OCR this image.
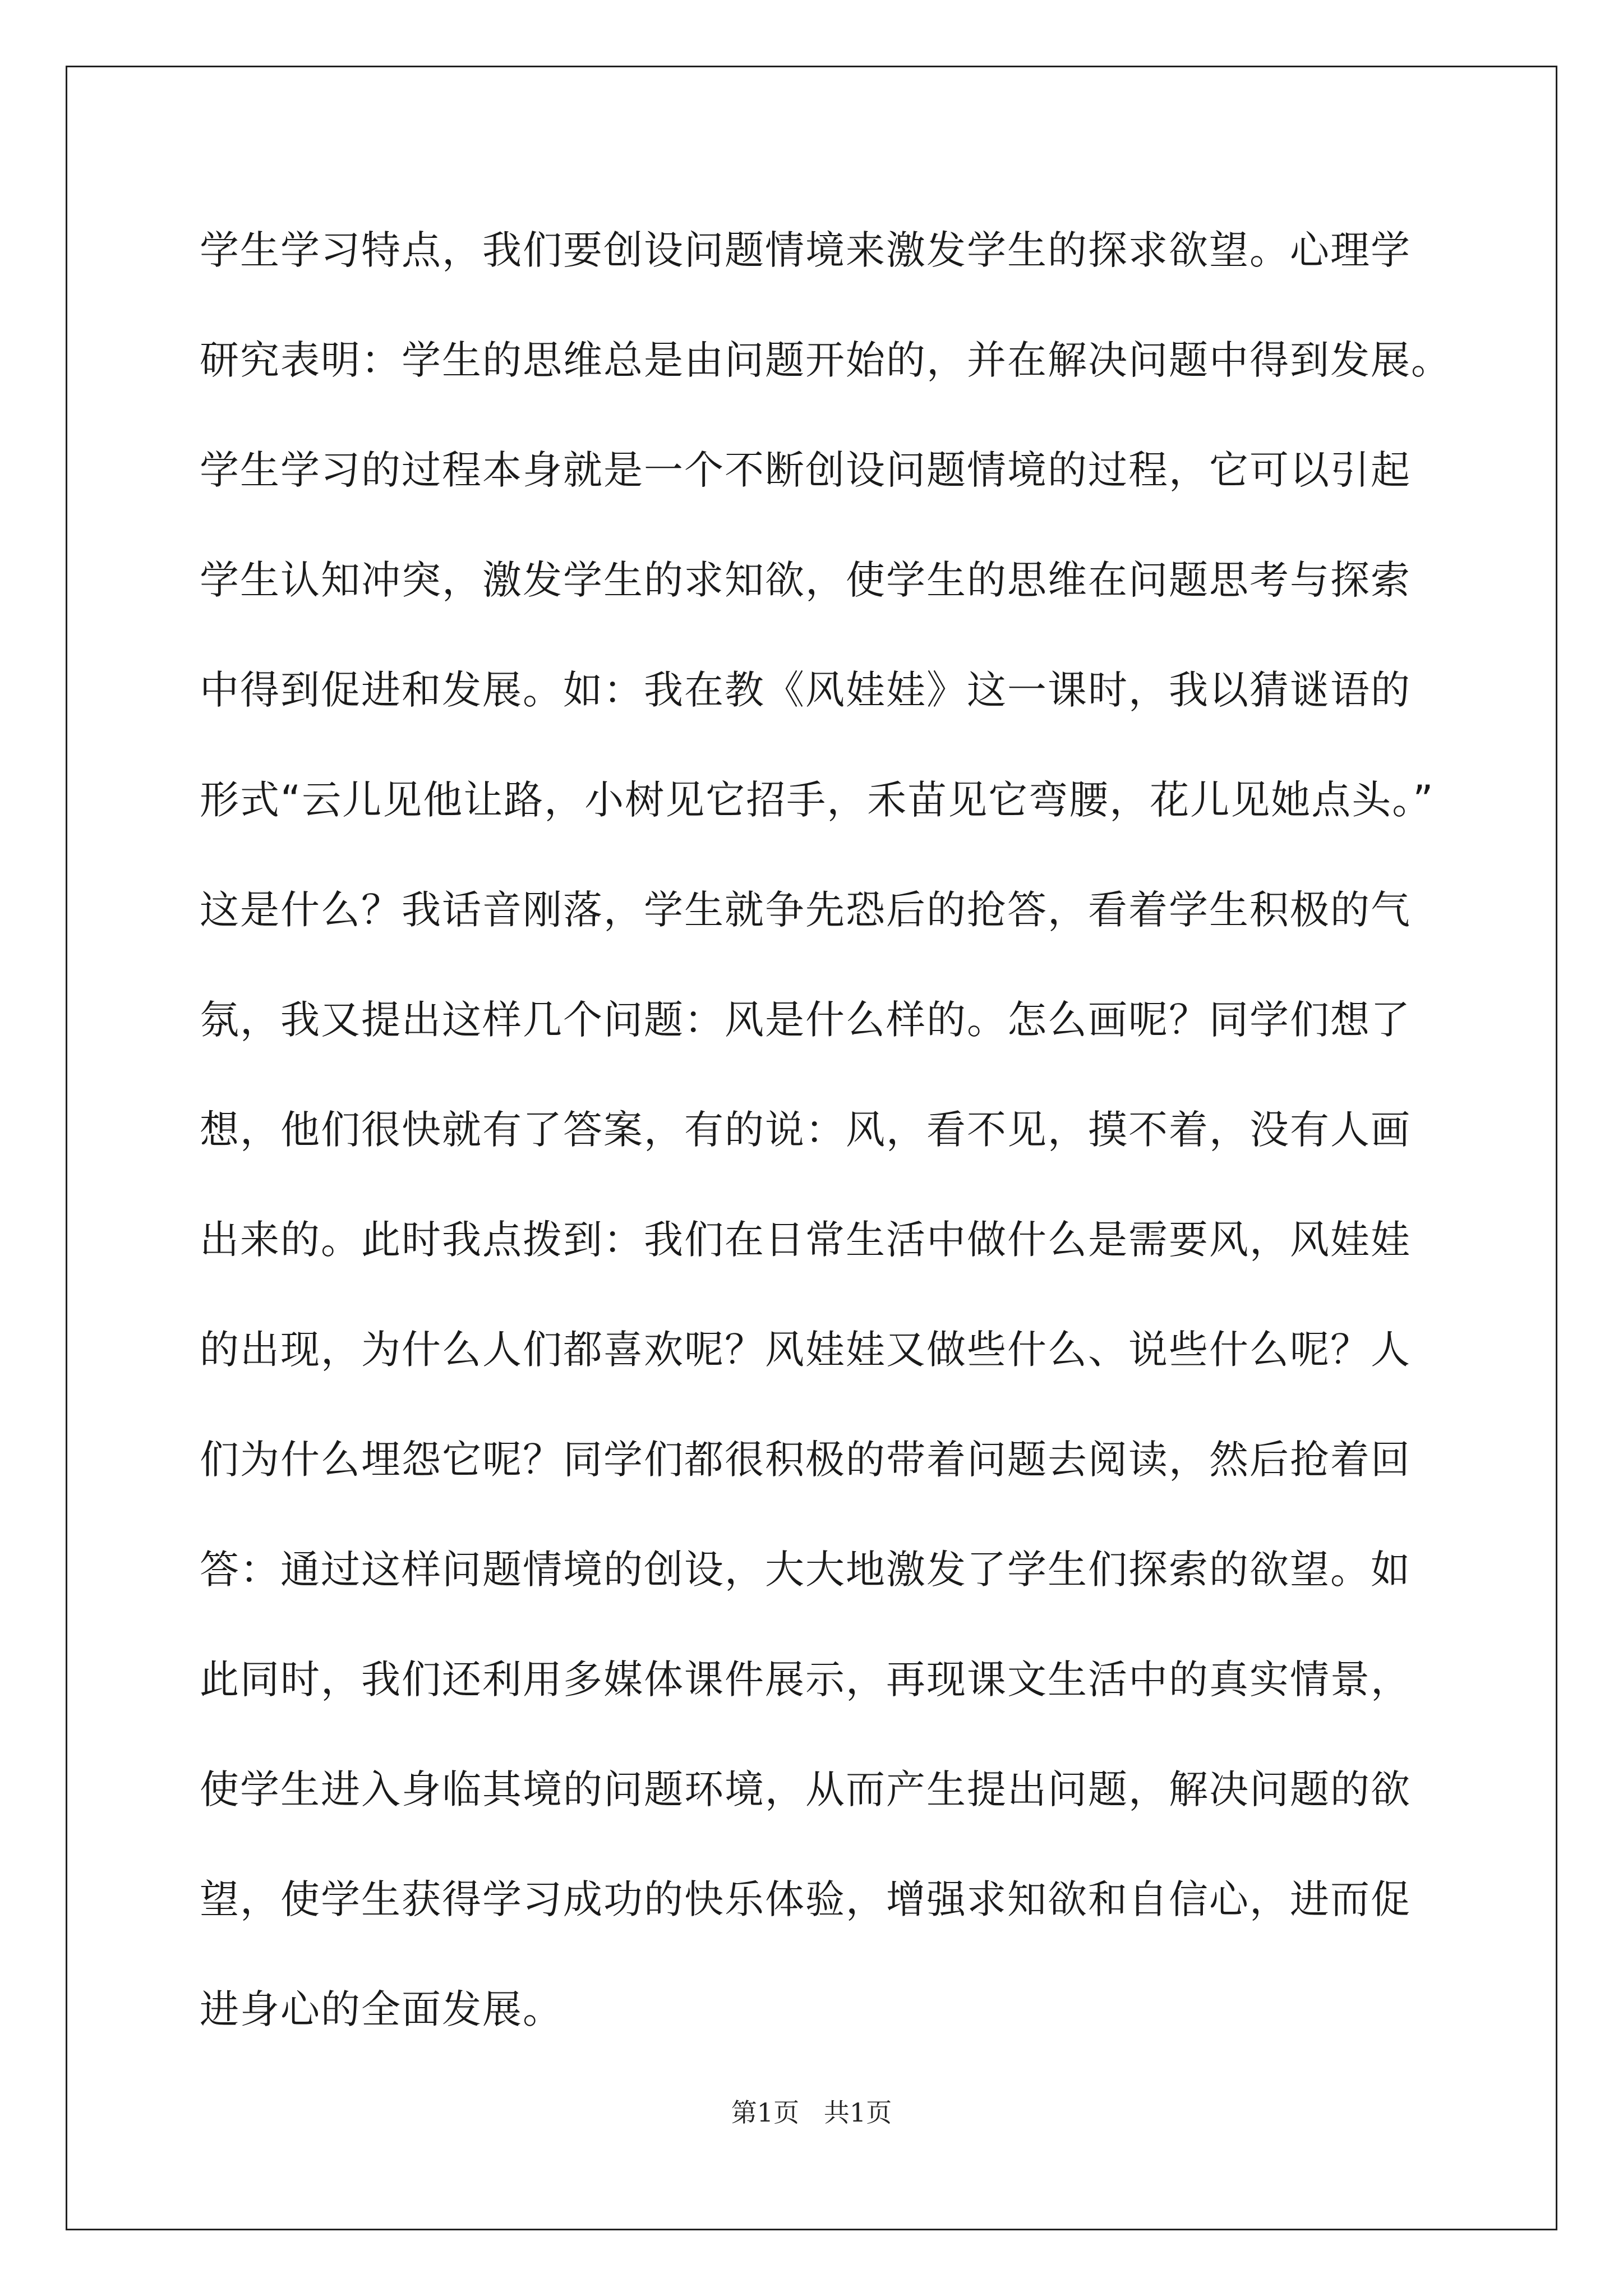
学生学习特点，我们要创设问题情境来激发学生的探求欲望。心理学
研究表明：学生的思维总是由问题开始的，并在解决问题中得到发展。
学生学习的过程本身就是一个不断创设问题情境的过程，它可以引起
学生认知冲突，激发学生的求知欲，使学生的思维在问题思考与探索
中得到促进和发展。如：我在教《风娃娃》这一课时，我以猜谜语的
形式“云儿见他让路，小树见它招手，禾苗见它弯腰，花儿见她点头。”
这是什么？我话音刚落，学生就争先恐后的抢答，看着学生积极的气
氛，我又提出这样几个问题：风是什么样的。怎么画呢？同学们想了
想，他们很快就有了答案，有的说：风，看不见，摸不着，没有人画
出来的。此时我点拨到：我们在日常生活中做什么是需要风，风娃娃
的出现，为什么人们都喜欢呢？风娃娃又做些什么、说些什么呢？人
们为什么埋怨它呢？同学们都很积极的带着问题去阅读，然后抢着回
答：通过这样问题情境的创设，大大地激发了学生们探索的欲望。如
此同时，我们还利用多媒体课件展示，再现课文生活中的真实情景，
使学生进入身临其境的问题环境，从而产生提出问题，解决问题的欲
望，使学生获得学习成功的快乐体验，增强求知欲和自信心，进而促
进身心的全面发展。
第1页   共1页
